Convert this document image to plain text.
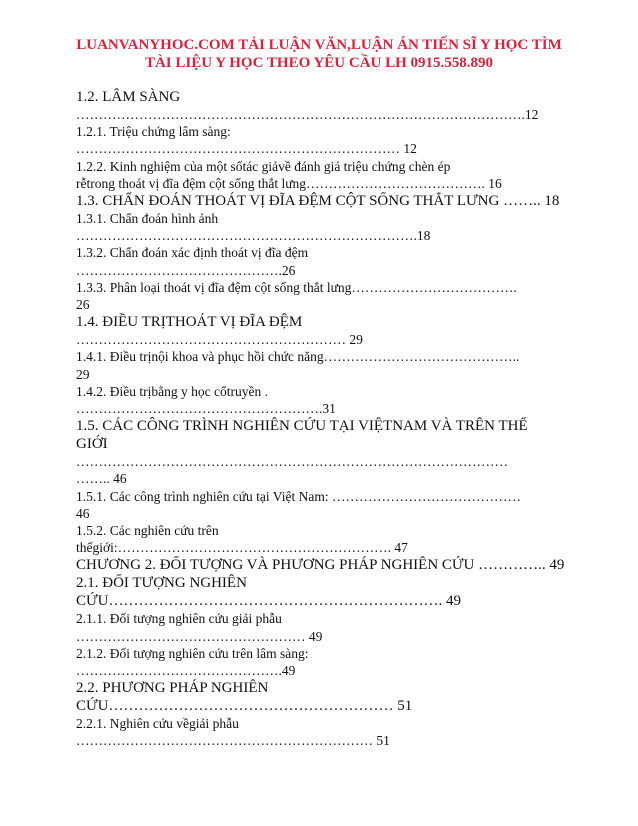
LUANVANYHOC.COM TẢI LUẬN VĂN,LUẬN ÁN TIẾN SĨ Y HỌC TÌM
TÀI LIỆU Y HỌC THEO YÊU CẦU LH 0915.558.890
1.2. LÂM SÀNG
……………………………………………………………………………………….12
1.2.1. Triệu chứng lâm sàng:
……………………………………………………………… 12
1.2.2. Kinh nghiệm của một sốtác giảvề đánh giá triệu chứng chèn ép
rễtrong thoát vị đĩa đệm cột sống thắt lưng…………………………………. 16
1.3. CHẨN ĐOÁN THOÁT VỊ ĐĨA ĐỆM CỘT SỐNG THẮT LƯNG …….. 18
1.3.1. Chẩn đoán hình ảnh
………………………………………………………………….18
1.3.2. Chẩn đoán xác định thoát vị đĩa đệm
……………………………………….26
1.3.3. Phân loại thoát vị đĩa đệm cột sống thắt lưng……………………………….
26
1.4. ĐIỀU TRỊTHOÁT VỊ ĐĨA ĐỆM
…………………………………………………… 29
1.4.1. Điều trịnội khoa và phục hồi chức năng……………………………………..
29
1.4.2. Điều trịbằng y học cổtruyền .
……………………………………………….31
1.5. CÁC CÔNG TRÌNH NGHIÊN CỨU TẠI VIỆTNAM VÀ TRÊN THẾ
GIỚI
……………………………………………………………………………………
…….. 46
1.5.1. Các công trình nghiên cứu tại Việt Nam: ……………………………………
46
1.5.2. Các nghiên cứu trên
thếgiới:……………………………………………………. 47
CHƯƠNG 2. ĐỐI TƯỢNG VÀ PHƯƠNG PHÁP NGHIÊN CỨU ………….. 49
2.1. ĐỐI TƯỢNG NGHIÊN
CỨU…………………………………………………………. 49
2.1.1. Đối tượng nghiên cứu giải phẫu
…………………………………………… 49
2.1.2. Đối tượng nghiên cứu trên lâm sàng:
……………………………………….49
2.2. PHƯƠNG PHÁP NGHIÊN
CỨU………………………………………………… 51
2.2.1. Nghiên cứu vềgiải phẫu
………………………………………………………… 51
